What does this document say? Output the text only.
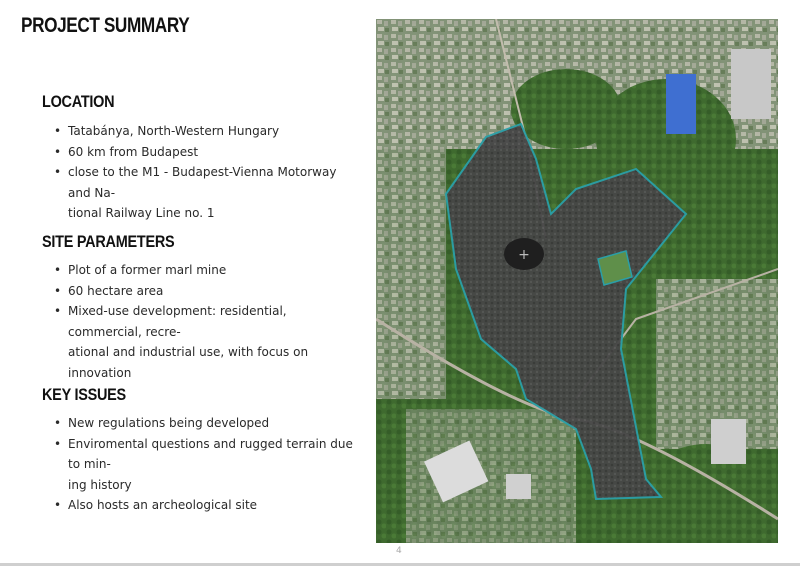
PROJECT SUMMARY
LOCATION
• Tatabánya, North-Western Hungary
• 60 km from Budapest
• close to the M1 - Budapest-Vienna Motorway and Na-
tional Railway Line no. 1
SITE PARAMETERS
• Plot of a former marl mine
• 60 hectare area
• Mixed-use development: residential, commercial, recre-
ational and industrial use, with focus on innovation
KEY ISSUES
• New regulations being developed
• Enviromental questions and rugged terrain due to min-
ing history
• Also hosts an archeological site
+
4
